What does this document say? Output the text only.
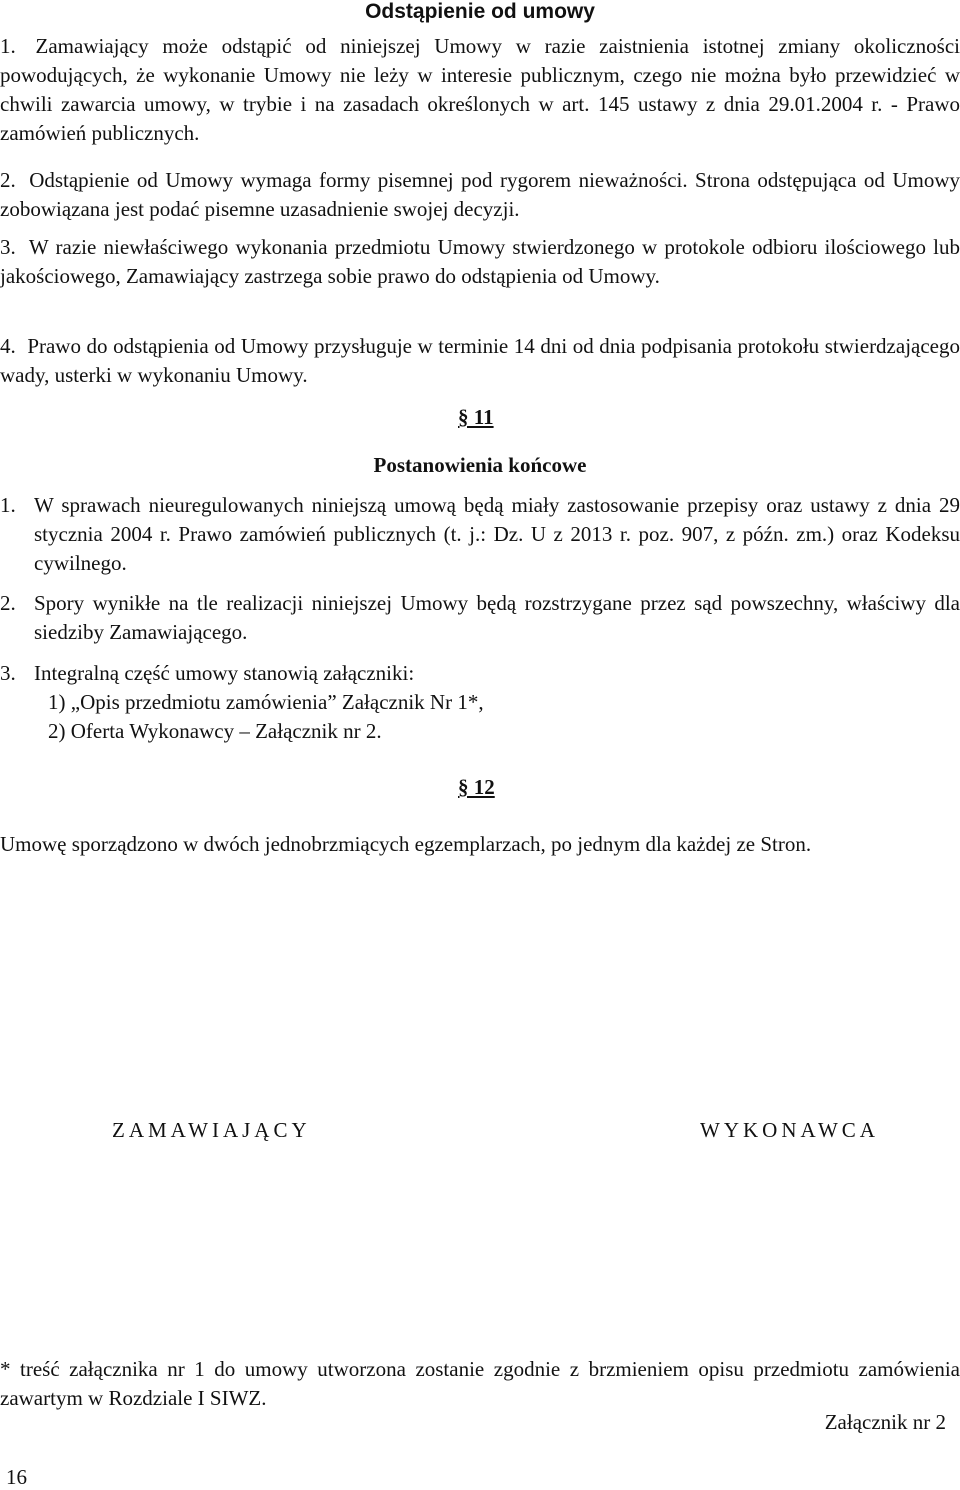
Odstąpienie od umowy
1. Zamawiający może odstąpić od niniejszej Umowy w razie zaistnienia istotnej zmiany okoliczności powodujących, że wykonanie Umowy nie leży w interesie publicznym, czego nie można było przewidzieć w chwili zawarcia umowy, w trybie i na zasadach określonych w art. 145 ustawy z dnia 29.01.2004 r. - Prawo zamówień publicznych.
2. Odstąpienie od Umowy wymaga formy pisemnej pod rygorem nieważności. Strona odstępująca od Umowy zobowiązana jest podać pisemne uzasadnienie swojej decyzji.
3. W razie niewłaściwego wykonania przedmiotu Umowy stwierdzonego w protokole odbioru ilościowego lub jakościowego, Zamawiający zastrzega sobie prawo do odstąpienia od Umowy.
4. Prawo do odstąpienia od Umowy przysługuje w terminie 14 dni od dnia podpisania protokołu stwierdzającego wady, usterki w wykonaniu Umowy.
§ 11
Postanowienia końcowe
1. W sprawach nieuregulowanych niniejszą umową będą miały zastosowanie przepisy oraz ustawy z dnia 29 stycznia 2004 r. Prawo zamówień publicznych (t. j.: Dz. U z 2013 r. poz. 907, z późn. zm.) oraz Kodeksu cywilnego.
2. Spory wynikłe na tle realizacji niniejszej Umowy będą rozstrzygane przez sąd powszechny, właściwy dla siedziby Zamawiającego.
3. Integralną część umowy stanowią załączniki:
1) „Opis przedmiotu zamówienia” Załącznik Nr 1*,
2) Oferta Wykonawcy – Załącznik nr 2.
§ 12
Umowę sporządzono w dwóch jednobrzmiących egzemplarzach, po jednym dla każdej ze Stron.
ZAMAWIAJĄCY	WYKONAWCA
* treść załącznika nr 1 do umowy utworzona zostanie zgodnie z brzmieniem opisu przedmiotu zamówienia zawartym w Rozdziale I SIWZ.
Załącznik nr 2
16
